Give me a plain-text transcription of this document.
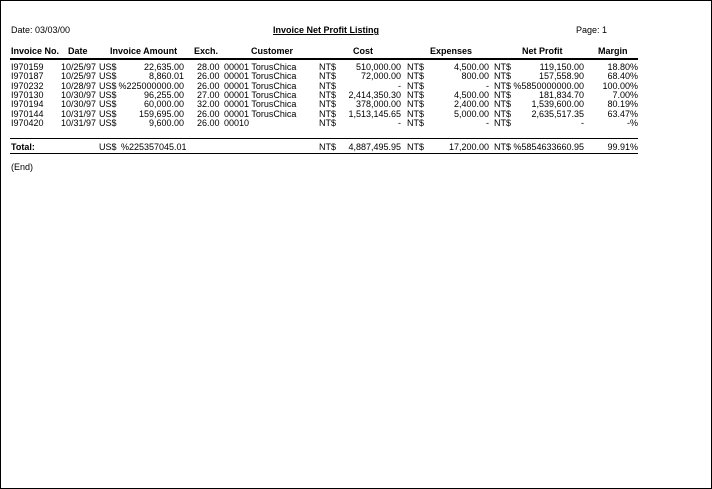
Date: 03/03/00	Invoice Net Profit Listing	Page: 1
Invoice No. Date Invoice Amount Exch.	Customer	Cost	Expenses	Net Profit	Margin
I970159 10/25/97 US$	22,635.00 28.00 00001 TorusChica	NT$	510,000.00 NT$	4,500.00 NT$	119,150.00	18.80%
I970187 10/25/97 US$	8,860.01 26.00 00001 TorusChica	NT$	72,000.00 NT$	800.00 NT$	157,558.90	68.40%
I970232 10/28/97 US$ %225000000.00 26.00 00001 TorusChica	NT$	- NT$	- NT$ %5850000000.00	100.00%
I970130 10/30/97 US$	96,255.00 27.00 00001 TorusChica	NT$	2,414,350.30 NT$	4,500.00 NT$	181,834.70	7.00%
I970194 10/30/97 US$	60,000.00 32.00 00001 TorusChica	NT$	378,000.00 NT$	2,400.00 NT$	1,539,600.00	80.19%
I970144 10/31/97 US$	159,695.00 26.00 00001 TorusChica	NT$	1,513,145.65 NT$	5,000.00 NT$	2,635,517.35	63.47%
I970420 10/31/97 US$	9,600.00 26.00 00010	NT$	- NT$	- NT$	-	-%
Total:	US$ %225357045.01	NT$	4,887,495.95 NT$	17,200.00 NT$ %5854633660.95	99.91%
(End)
